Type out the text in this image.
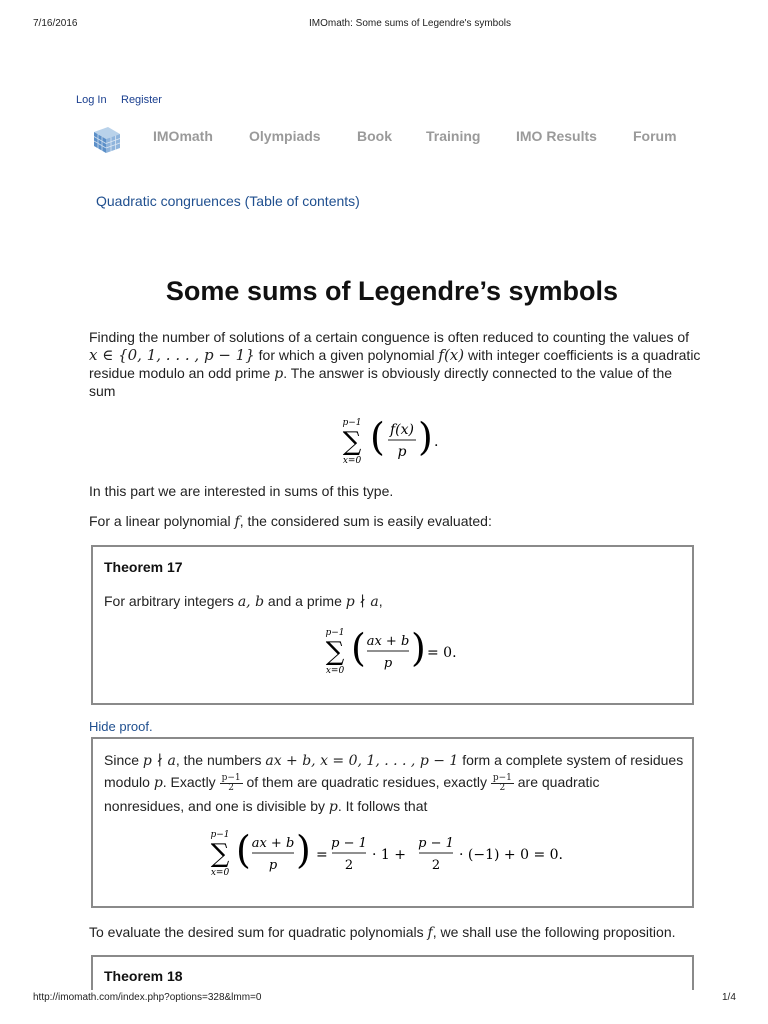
7/16/2016	IMOmath: Some sums of Legendre's symbols
Log In Register
IMOmath	Olympiads	Book Training	IMO Results	Forum
Quadratic congruences (Table of contents)
Some sums of Legendre’s symbols
Finding the number of solutions of a certain conguence is often reduced to counting the values of
x ∈ {0, 1, . . . , p − 1} for which a given polynomial f(x) with integer coefficients is a quadratic
residue modulo an odd prime p. The answer is obviously directly connected to the value of the
sum
p−1
∑
x=0
( f(x)
p ) .
In this part we are interested in sums of this type.
For a linear polynomial f, the considered sum is easily evaluated:
Theorem 17
For arbitrary integers a, b and a prime p ∤ a,
p−1
∑
x=0
( ax + b
p ) = 0.
Hide proof.
Since p ∤ a, the numbers ax + b, x = 0, 1, . . . , p − 1 form a complete system of residues
modulo p. Exactly $\frac{p-1}{2}$ of them are quadratic residues, exactly $\frac{p-1}{2}$ are quadratic
nonresidues, and one is divisible by p. It follows that
p−1
∑
x=0
( ax + b
p ) =
p − 1
2
· 1 +
p − 1
2
· (−1) + 0 = 0.
To evaluate the desired sum for quadratic polynomials f, we shall use the following proposition.
Theorem 18
http://imomath.com/index.php?options=328&lmm=0	1/4
